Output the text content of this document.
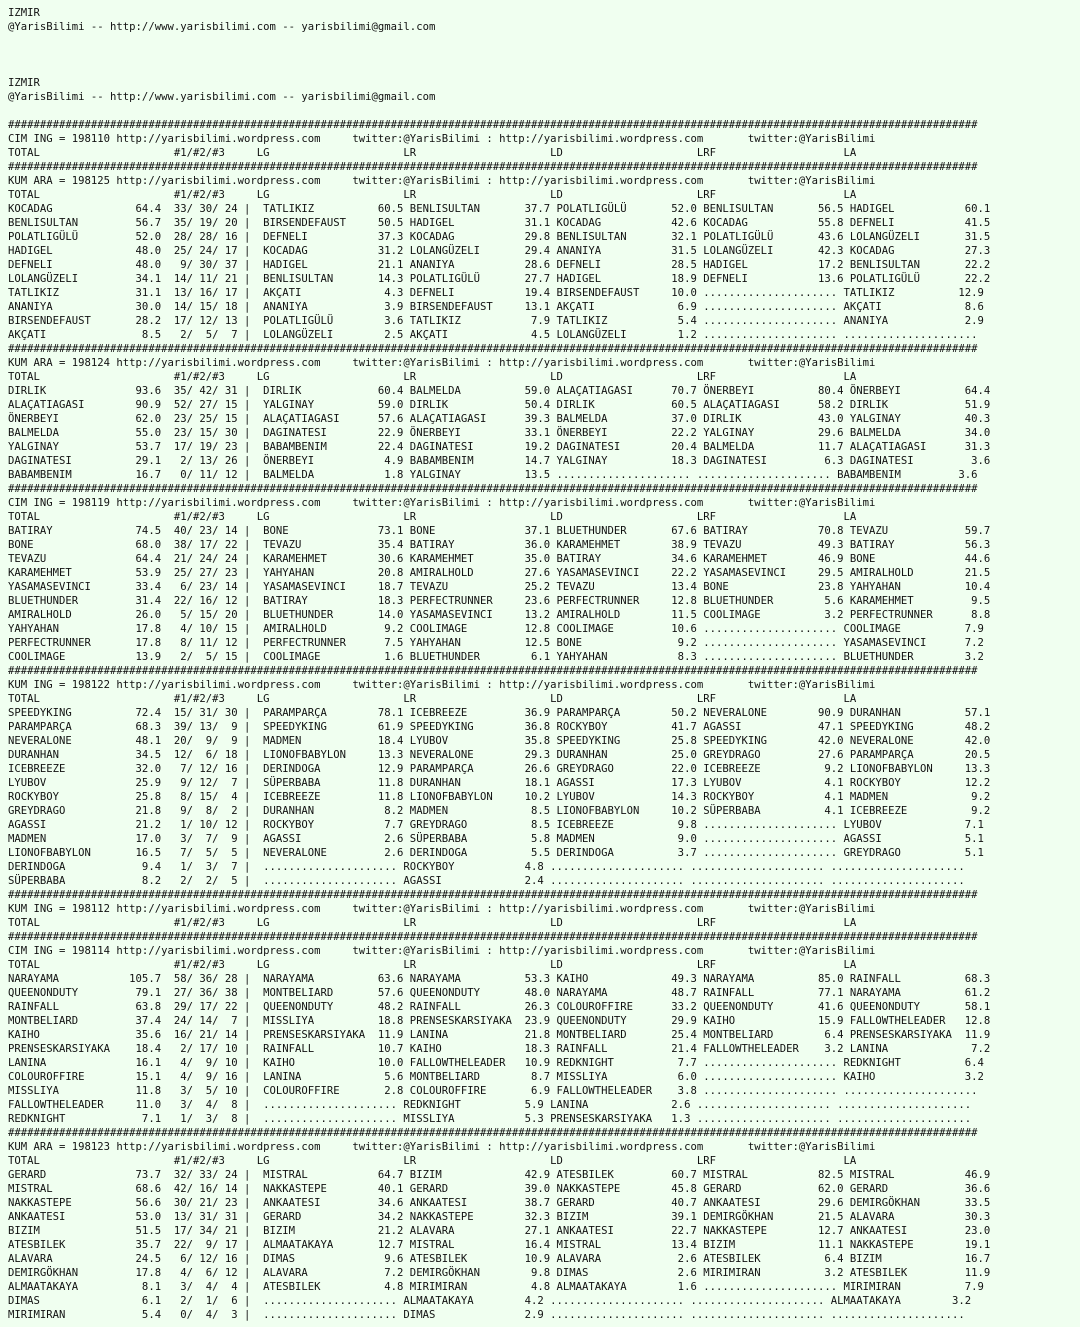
IZMIR
@YarisBilimi -- http://www.yarisbilimi.com -- yarisbilimi@gmail.com

IZMIR
@YarisBilimi -- http://www.yarisbilimi.com -- yarisbilimi@gmail.com

########################################################################################################################################################
CIM ING = 198110 http://yarisbilimi.wordpress.com     twitter:@YarisBilimi : http://yarisbilimi.wordpress.com       twitter:@YarisBilimi
TOTAL                     #1/#2/#3     LG                     LR                     LD                     LRF                    LA
########################################################################################################################################################
KUM ARA = 198125 http://yarisbilimi.wordpress.com     twitter:@YarisBilimi : http://yarisbilimi.wordpress.com       twitter:@YarisBilimi
TOTAL                     #1/#2/#3     LG                     LR                     LD                     LRF                    LA
KOCADAG             64.4  33/ 30/ 24 |  TATLIKIZ          60.5 BENLISULTAN       37.7 POLATLIGÜLÜ       52.0 BENLISULTAN       56.5 HADIGEL           60.1
BENLISULTAN         56.7  35/ 19/ 20 |  BIRSENDEFAUST     50.5 HADIGEL           31.1 KOCADAG           42.6 KOCADAG           55.8 DEFNELI           41.5
POLATLIGÜLÜ         52.0  28/ 28/ 16 |  DEFNELI           37.3 KOCADAG           29.8 BENLISULTAN       32.1 POLATLIGÜLÜ       43.6 LOLANGÜZELI       31.5
HADIGEL             48.0  25/ 24/ 17 |  KOCADAG           31.2 LOLANGÜZELI       29.4 ANANIYA           31.5 LOLANGÜZELI       42.3 KOCADAG           27.3
DEFNELI             48.0   9/ 30/ 37 |  HADIGEL           21.1 ANANIYA           28.6 DEFNELI           28.5 HADIGEL           17.2 BENLISULTAN       22.2
LOLANGÜZELI         34.1  14/ 11/ 21 |  BENLISULTAN       14.3 POLATLIGÜLÜ       27.7 HADIGEL           18.9 DEFNELI           13.6 POLATLIGÜLÜ       22.2
TATLIKIZ            31.1  13/ 16/ 17 |  AKÇATI             4.3 DEFNELI           19.4 BIRSENDEFAUST     10.0 ..................... TATLIKIZ          12.9
ANANIYA             30.0  14/ 15/ 18 |  ANANIYA            3.9 BIRSENDEFAUST     13.1 AKÇATI             6.9 ..................... AKÇATI             8.6
BIRSENDEFAUST       28.2  17/ 12/ 13 |  POLATLIGÜLÜ        3.6 TATLIKIZ           7.9 TATLIKIZ           5.4 ..................... ANANIYA            2.9
AKÇATI               8.5   2/  5/  7 |  LOLANGÜZELI        2.5 AKÇATI             4.5 LOLANGÜZELI        1.2 ..................... .....................
########################################################################################################################################################
KUM ARA = 198124 http://yarisbilimi.wordpress.com     twitter:@YarisBilimi : http://yarisbilimi.wordpress.com       twitter:@YarisBilimi
TOTAL                     #1/#2/#3     LG                     LR                     LD                     LRF                    LA
DIRLIK              93.6  35/ 42/ 31 |  DIRLIK            60.4 BALMELDA          59.0 ALAÇATIAGASI      70.7 ÖNERBEYI          80.4 ÖNERBEYI          64.4
ALAÇATIAGASI        90.9  52/ 27/ 15 |  YALGINAY          59.0 DIRLIK            50.4 DIRLIK            60.5 ALAÇATIAGASI      58.2 DIRLIK            51.9
ÖNERBEYI            62.0  23/ 25/ 15 |  ALAÇATIAGASI      57.6 ALAÇATIAGASI      39.3 BALMELDA          37.0 DIRLIK            43.0 YALGINAY          40.3
BALMELDA            55.0  23/ 15/ 30 |  DAGINATESI        22.9 ÖNERBEYI          33.1 ÖNERBEYI          22.2 YALGINAY          29.6 BALMELDA          34.0
YALGINAY            53.7  17/ 19/ 23 |  BABAMBENIM        22.4 DAGINATESI        19.2 DAGINATESI        20.4 BALMELDA          11.7 ALAÇATIAGASI      31.3
DAGINATESI          29.1   2/ 13/ 26 |  ÖNERBEYI           4.9 BABAMBENIM        14.7 YALGINAY          18.3 DAGINATESI         6.3 DAGINATESI         3.6
BABAMBENIM          16.7   0/ 11/ 12 |  BALMELDA           1.8 YALGINAY          13.5 ..................... ..................... BABAMBENIM         3.6
########################################################################################################################################################
CIM ING = 198119 http://yarisbilimi.wordpress.com     twitter:@YarisBilimi : http://yarisbilimi.wordpress.com       twitter:@YarisBilimi
TOTAL                     #1/#2/#3     LG                     LR                     LD                     LRF                    LA
BATIRAY             74.5  40/ 23/ 14 |  BONE              73.1 BONE              37.1 BLUETHUNDER       67.6 BATIRAY           70.8 TEVAZU            59.7
BONE                68.0  38/ 17/ 22 |  TEVAZU            35.4 BATIRAY           36.0 KARAMEHMET        38.9 TEVAZU            49.3 BATIRAY           56.3
TEVAZU              64.4  21/ 24/ 24 |  KARAMEHMET        30.6 KARAMEHMET        35.0 BATIRAY           34.6 KARAMEHMET        46.9 BONE              44.6
KARAMEHMET          53.9  25/ 27/ 23 |  YAHYAHAN          20.8 AMIRALHOLD        27.6 YASAMASEVINCI     22.2 YASAMASEVINCI     29.5 AMIRALHOLD        21.5
YASAMASEVINCI       33.4   6/ 23/ 14 |  YASAMASEVINCI     18.7 TEVAZU            25.2 TEVAZU            13.4 BONE              23.8 YAHYAHAN          10.4
BLUETHUNDER         31.4  22/ 16/ 12 |  BATIRAY           18.3 PERFECTRUNNER     23.6 PERFECTRUNNER     12.8 BLUETHUNDER        5.6 KARAMEHMET         9.5
AMIRALHOLD          26.0   5/ 15/ 20 |  BLUETHUNDER       14.0 YASAMASEVINCI     13.2 AMIRALHOLD        11.5 COOLIMAGE          3.2 PERFECTRUNNER      8.8
YAHYAHAN            17.8   4/ 10/ 15 |  AMIRALHOLD         9.2 COOLIMAGE         12.8 COOLIMAGE         10.6 ..................... COOLIMAGE          7.9
PERFECTRUNNER       17.8   8/ 11/ 12 |  PERFECTRUNNER      7.5 YAHYAHAN          12.5 BONE               9.2 ..................... YASAMASEVINCI      7.2
COOLIMAGE           13.9   2/  5/ 15 |  COOLIMAGE          1.6 BLUETHUNDER        6.1 YAHYAHAN           8.3 ..................... BLUETHUNDER        3.2
########################################################################################################################################################
KUM ING = 198122 http://yarisbilimi.wordpress.com     twitter:@YarisBilimi : http://yarisbilimi.wordpress.com       twitter:@YarisBilimi
TOTAL                     #1/#2/#3     LG                     LR                     LD                     LRF                    LA
SPEEDYKING          72.4  15/ 31/ 30 |  PARAMPARÇA        78.1 ICEBREEZE         36.9 PARAMPARÇA        50.2 NEVERALONE        90.9 DURANHAN          57.1
PARAMPARÇA          68.3  39/ 13/  9 |  SPEEDYKING        61.9 SPEEDYKING        36.8 ROCKYBOY          41.7 AGASSI            47.1 SPEEDYKING        48.2
NEVERALONE          48.1  20/  9/  9 |  MADMEN            18.4 LYUBOV            35.8 SPEEDYKING        25.8 SPEEDYKING        42.0 NEVERALONE        42.0
DURANHAN            34.5  12/  6/ 18 |  LIONOFBABYLON     13.3 NEVERALONE        29.3 DURANHAN          25.0 GREYDRAGO         27.6 PARAMPARÇA        20.5
ICEBREEZE           32.0   7/ 12/ 16 |  DERINDOGA         12.9 PARAMPARÇA        26.6 GREYDRAGO         22.0 ICEBREEZE          9.2 LIONOFBABYLON     13.3
LYUBOV              25.9   9/ 12/  7 |  SÜPERBABA         11.8 DURANHAN          18.1 AGASSI            17.3 LYUBOV             4.1 ROCKYBOY          12.2
ROCKYBOY            25.8   8/ 15/  4 |  ICEBREEZE         11.8 LIONOFBABYLON     10.2 LYUBOV            14.3 ROCKYBOY           4.1 MADMEN             9.2
GREYDRAGO           21.8   9/  8/  2 |  DURANHAN           8.2 MADMEN             8.5 LIONOFBABYLON     10.2 SÜPERBABA          4.1 ICEBREEZE          9.2
AGASSI              21.2   1/ 10/ 12 |  ROCKYBOY           7.7 GREYDRAGO          8.5 ICEBREEZE          9.8 ..................... LYUBOV             7.1
MADMEN              17.0   3/  7/  9 |  AGASSI             2.6 SÜPERBABA          5.8 MADMEN             9.0 ..................... AGASSI             5.1
LIONOFBABYLON       16.5   7/  5/  5 |  NEVERALONE         2.6 DERINDOGA          5.5 DERINDOGA          3.7 ..................... GREYDRAGO          5.1
DERINDOGA            9.4   1/  3/  7 |  ..................... ROCKYBOY           4.8 ..................... ..................... .....................
SÜPERBABA            8.2   2/  2/  5 |  ..................... AGASSI             2.4 ..................... ..................... .....................
########################################################################################################################################################
KUM ING = 198112 http://yarisbilimi.wordpress.com     twitter:@YarisBilimi : http://yarisbilimi.wordpress.com       twitter:@YarisBilimi
TOTAL                     #1/#2/#3     LG                     LR                     LD                     LRF                    LA
########################################################################################################################################################
CIM ING = 198114 http://yarisbilimi.wordpress.com     twitter:@YarisBilimi : http://yarisbilimi.wordpress.com       twitter:@YarisBilimi
TOTAL                     #1/#2/#3     LG                     LR                     LD                     LRF                    LA
NARAYAMA           105.7  58/ 36/ 28 |  NARAYAMA          63.6 NARAYAMA          53.3 KAIHO             49.3 NARAYAMA          85.0 RAINFALL          68.3
QUEENONDUTY         79.1  27/ 36/ 38 |  MONTBELIARD       57.6 QUEENONDUTY       48.0 NARAYAMA          48.7 RAINFALL          77.1 NARAYAMA          61.2
RAINFALL            63.8  29/ 17/ 22 |  QUEENONDUTY       48.2 RAINFALL          26.3 COLOUROFFIRE      33.2 QUEENONDUTY       41.6 QUEENONDUTY       58.1
MONTBELIARD         37.4  24/ 14/  7 |  MISSLIYA          18.8 PRENSESKARSIYAKA  23.9 QUEENONDUTY       29.9 KAIHO             15.9 FALLOWTHELEADER   12.8
KAIHO               35.6  16/ 21/ 14 |  PRENSESKARSIYAKA  11.9 LANINA            21.8 MONTBELIARD       25.4 MONTBELIARD        6.4 PRENSESKARSIYAKA  11.9
PRENSESKARSIYAKA    18.4   2/ 17/ 10 |  RAINFALL          10.7 KAIHO             18.3 RAINFALL          21.4 FALLOWTHELEADER    3.2 LANINA             7.2
LANINA              16.1   4/  9/ 10 |  KAIHO             10.0 FALLOWTHELEADER   10.9 REDKNIGHT          7.7 ..................... REDKNIGHT          6.4
COLOUROFFIRE        15.1   4/  9/ 16 |  LANINA             5.6 MONTBELIARD        8.7 MISSLIYA           6.0 ..................... KAIHO              3.2
MISSLIYA            11.8   3/  5/ 10 |  COLOUROFFIRE       2.8 COLOUROFFIRE       6.9 FALLOWTHELEADER    3.8 ..................... .....................
FALLOWTHELEADER     11.0   3/  4/  8 |  ..................... REDKNIGHT          5.9 LANINA             2.6 ..................... .....................
REDKNIGHT            7.1   1/  3/  8 |  ..................... MISSLIYA           5.3 PRENSESKARSIYAKA   1.3 ..................... .....................
########################################################################################################################################################
KUM ARA = 198123 http://yarisbilimi.wordpress.com     twitter:@YarisBilimi : http://yarisbilimi.wordpress.com       twitter:@YarisBilimi
TOTAL                     #1/#2/#3     LG                     LR                     LD                     LRF                    LA
GERARD              73.7  32/ 33/ 24 |  MISTRAL           64.7 BIZIM             42.9 ATESBILEK         60.7 MISTRAL           82.5 MISTRAL           46.9
MISTRAL             68.6  42/ 16/ 14 |  NAKKASTEPE        40.1 GERARD            39.0 NAKKASTEPE        45.8 GERARD            62.0 GERARD            36.6
NAKKASTEPE          56.6  30/ 21/ 23 |  ANKAATESI         34.6 ANKAATESI         38.7 GERARD            40.7 ANKAATESI         29.6 DEMIRGÖKHAN       33.5
ANKAATESI           53.0  13/ 31/ 31 |  GERARD            34.2 NAKKASTEPE        32.3 BIZIM             39.1 DEMIRGÖKHAN       21.5 ALAVARA           30.3
BIZIM               51.5  17/ 34/ 21 |  BIZIM             21.2 ALAVARA           27.1 ANKAATESI         22.7 NAKKASTEPE        12.7 ANKAATESI         23.0
ATESBILEK           35.7  22/  9/ 17 |  ALMAATAKAYA       12.7 MISTRAL           16.4 MISTRAL           13.4 BIZIM             11.1 NAKKASTEPE        19.1
ALAVARA             24.5   6/ 12/ 16 |  DIMAS              9.6 ATESBILEK         10.9 ALAVARA            2.6 ATESBILEK          6.4 BIZIM             16.7
DEMIRGÖKHAN         17.8   4/  6/ 12 |  ALAVARA            7.2 DEMIRGÖKHAN        9.8 DIMAS              2.6 MIRIMIRAN          3.2 ATESBILEK         11.9
ALMAATAKAYA          8.1   3/  4/  4 |  ATESBILEK          4.8 MIRIMIRAN          4.8 ALMAATAKAYA        1.6 ..................... MIRIMIRAN          7.9
DIMAS                6.1   2/  1/  6 |  ..................... ALMAATAKAYA        4.2 ..................... ..................... ALMAATAKAYA        3.2
MIRIMIRAN            5.4   0/  4/  3 |  ..................... DIMAS              2.9 ..................... ..................... .....................
